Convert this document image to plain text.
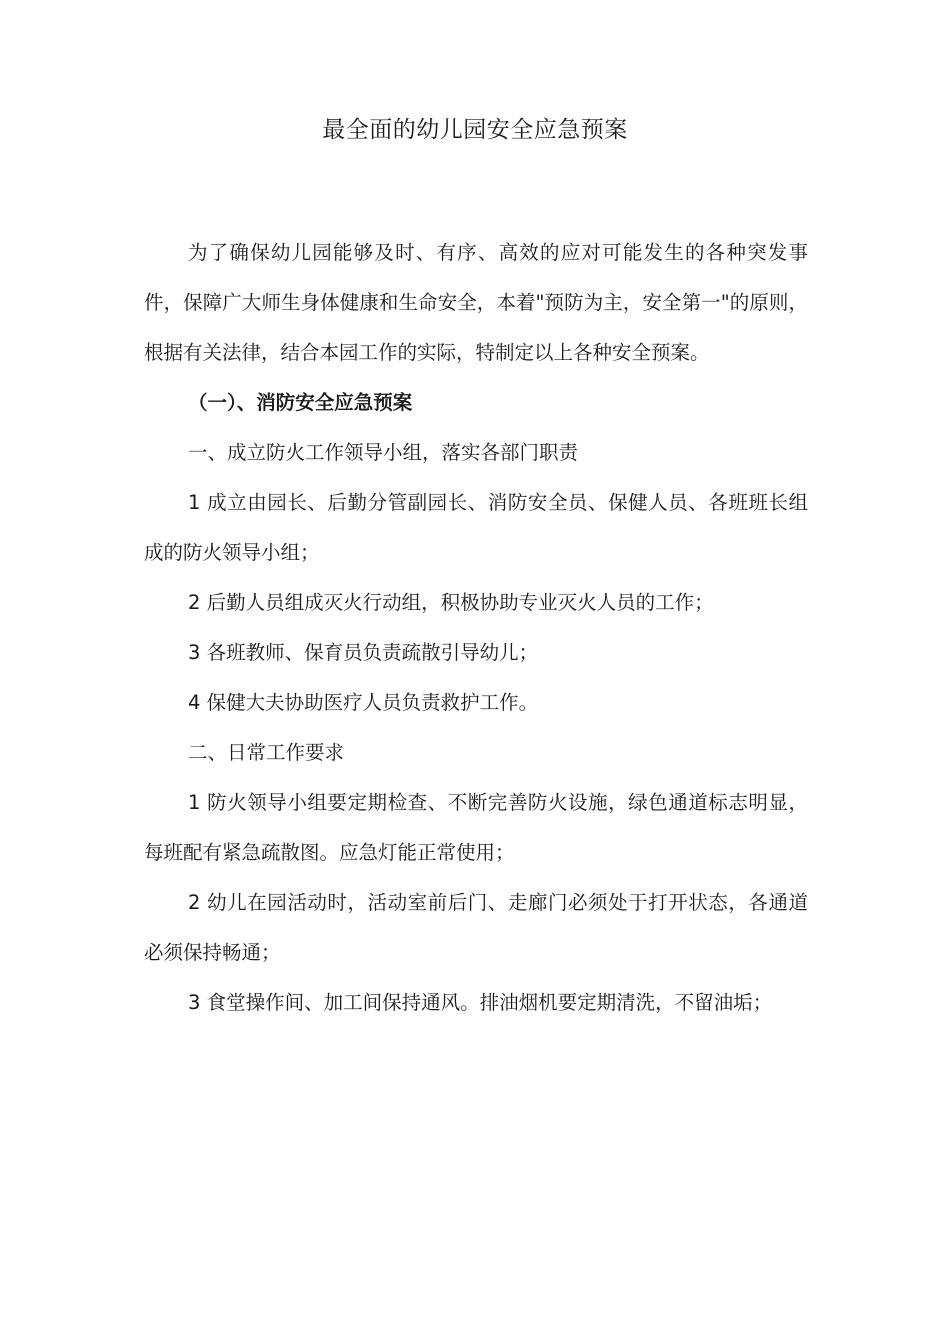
最全面的幼儿园安全应急预案

为了确保幼儿园能够及时、有序、高效的应对可能发生的各种突发事件，保障广大师生身体健康和生命安全，本着"预防为主，安全第一"的原则，根据有关法律，结合本园工作的实际，特制定以上各种安全预案。

（一）、消防安全应急预案

一、成立防火工作领导小组，落实各部门职责

1 成立由园长、后勤分管副园长、消防安全员、保健人员、各班班长组成的防火领导小组；

2 后勤人员组成灭火行动组，积极协助专业灭火人员的工作；

3 各班教师、保育员负责疏散引导幼儿；

4 保健大夫协助医疗人员负责救护工作。

二、日常工作要求

1 防火领导小组要定期检查、不断完善防火设施，绿色通道标志明显，每班配有紧急疏散图。应急灯能正常使用；

2 幼儿在园活动时，活动室前后门、走廊门必须处于打开状态，各通道必须保持畅通；

3 食堂操作间、加工间保持通风。排油烟机要定期清洗，不留油垢；
